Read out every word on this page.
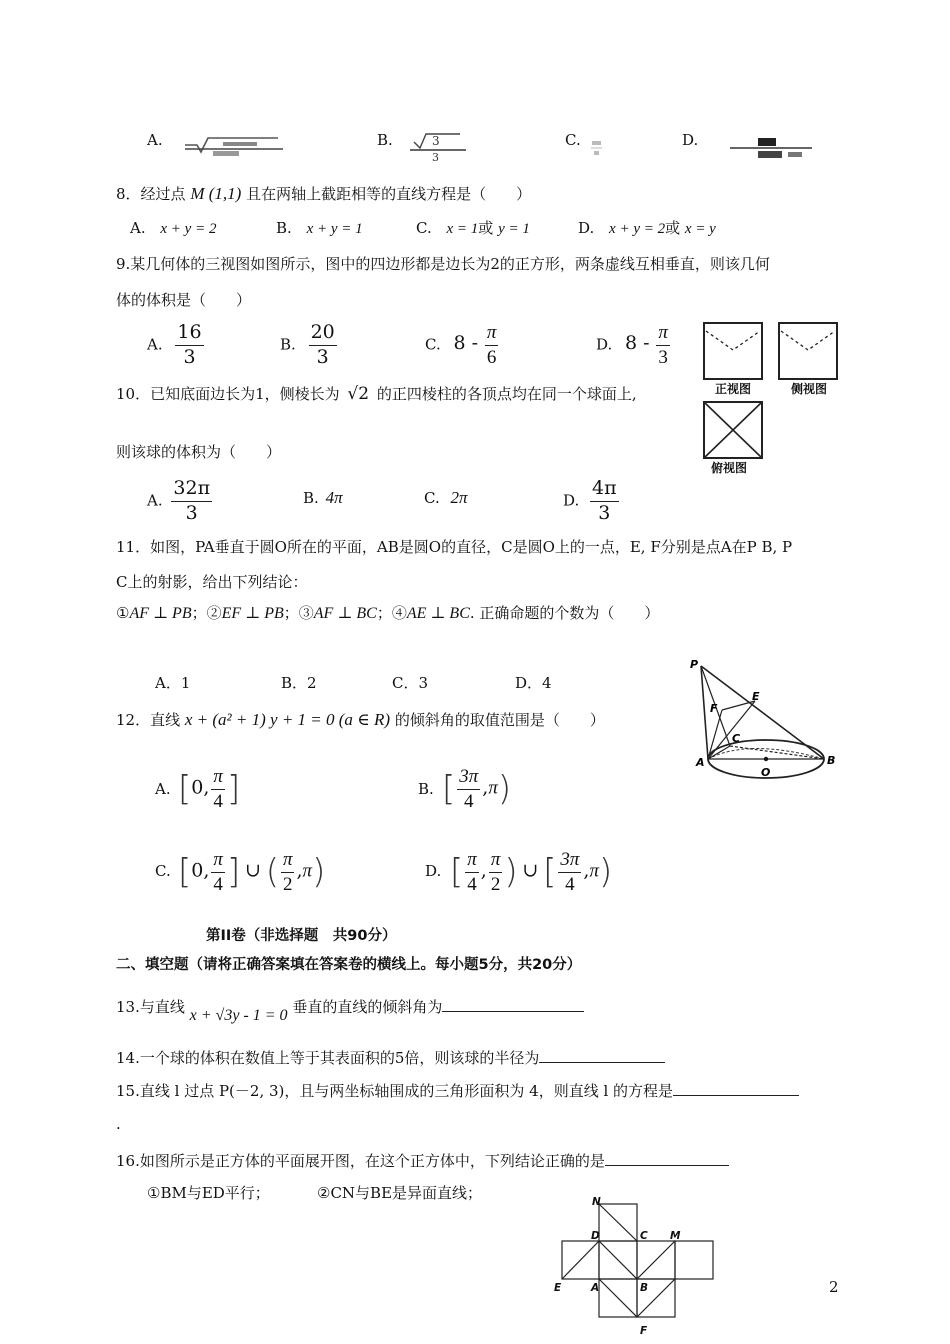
A.	B.	3
3
C.	D.
8．经过点 M (1,1) 且在两轴上截距相等的直线方程是（　　）
A. x + y = 2	B. x + y = 1	C. x = 1或 y = 1	D. x + y = 2或 x = y
9.某几何体的三视图如图所示，图中的四边形都是边长为2的正方形，两条虚线互相垂直，则该几何
体的体积是（　　）
A. $\frac{16}{3}$	B. $\frac{20}{3}$	C. $8 - \frac{\pi}{6}$	D. $8 - \frac{\pi}{3}$
正视图	侧视图
俯视图
10．已知底面边长为1，侧棱长为 √2 的正四棱柱的各顶点均在同一个球面上,
则该球的体积为（　　）
A. $\frac{32\pi}{3}$	B. 4π	C. 2π	D. $\frac{4\pi}{3}$
11．如图，PA垂直于圆O所在的平面，AB是圆O的直径，C是圆O上的一点，E, F分别是点A在P B, P
C上的射影，给出下列结论：
①AF ⊥ PB；②EF ⊥ PB；③AF ⊥ BC；④AE ⊥ BC. 正确命题的个数为（　　）
A．1	B．2	C．3	D．4
P
E
F
C
A
O
B
12．直线 x + (a² + 1) y + 1 = 0 (a ∈ R) 的倾斜角的取值范围是（　　）
A. [0, $\frac{\pi}{4}$ ]	B. [ $\frac{3\pi}{4} ,\pi$)
C. [0, $\frac{\pi}{4}$ ] ∪ ( $\frac{\pi}{2} ,\pi$)	D. [ $\frac{\pi}{4}$ , $\frac{\pi}{2}$ ) ∪ [ $\frac{3\pi}{4} ,\pi$)
第II卷（非选择题　共90分）
二、填空题（请将正确答案填在答案卷的横线上。每小题5分，共20分）
13.与直线 x + √3y - 1 = 0 垂直的直线的倾斜角为
14.一个球的体积在数值上等于其表面积的5倍，则该球的半径为
15.直线 l 过点 P(－2, 3)，且与两坐标轴围成的三角形面积为 4，则直线 l 的方程是
.
16.如图所示是正方体的平面展开图，在这个正方体中，下列结论正确的是
①BM与ED平行；	②CN与BE是异面直线；	N
D	C M
E	A	B
F
2
